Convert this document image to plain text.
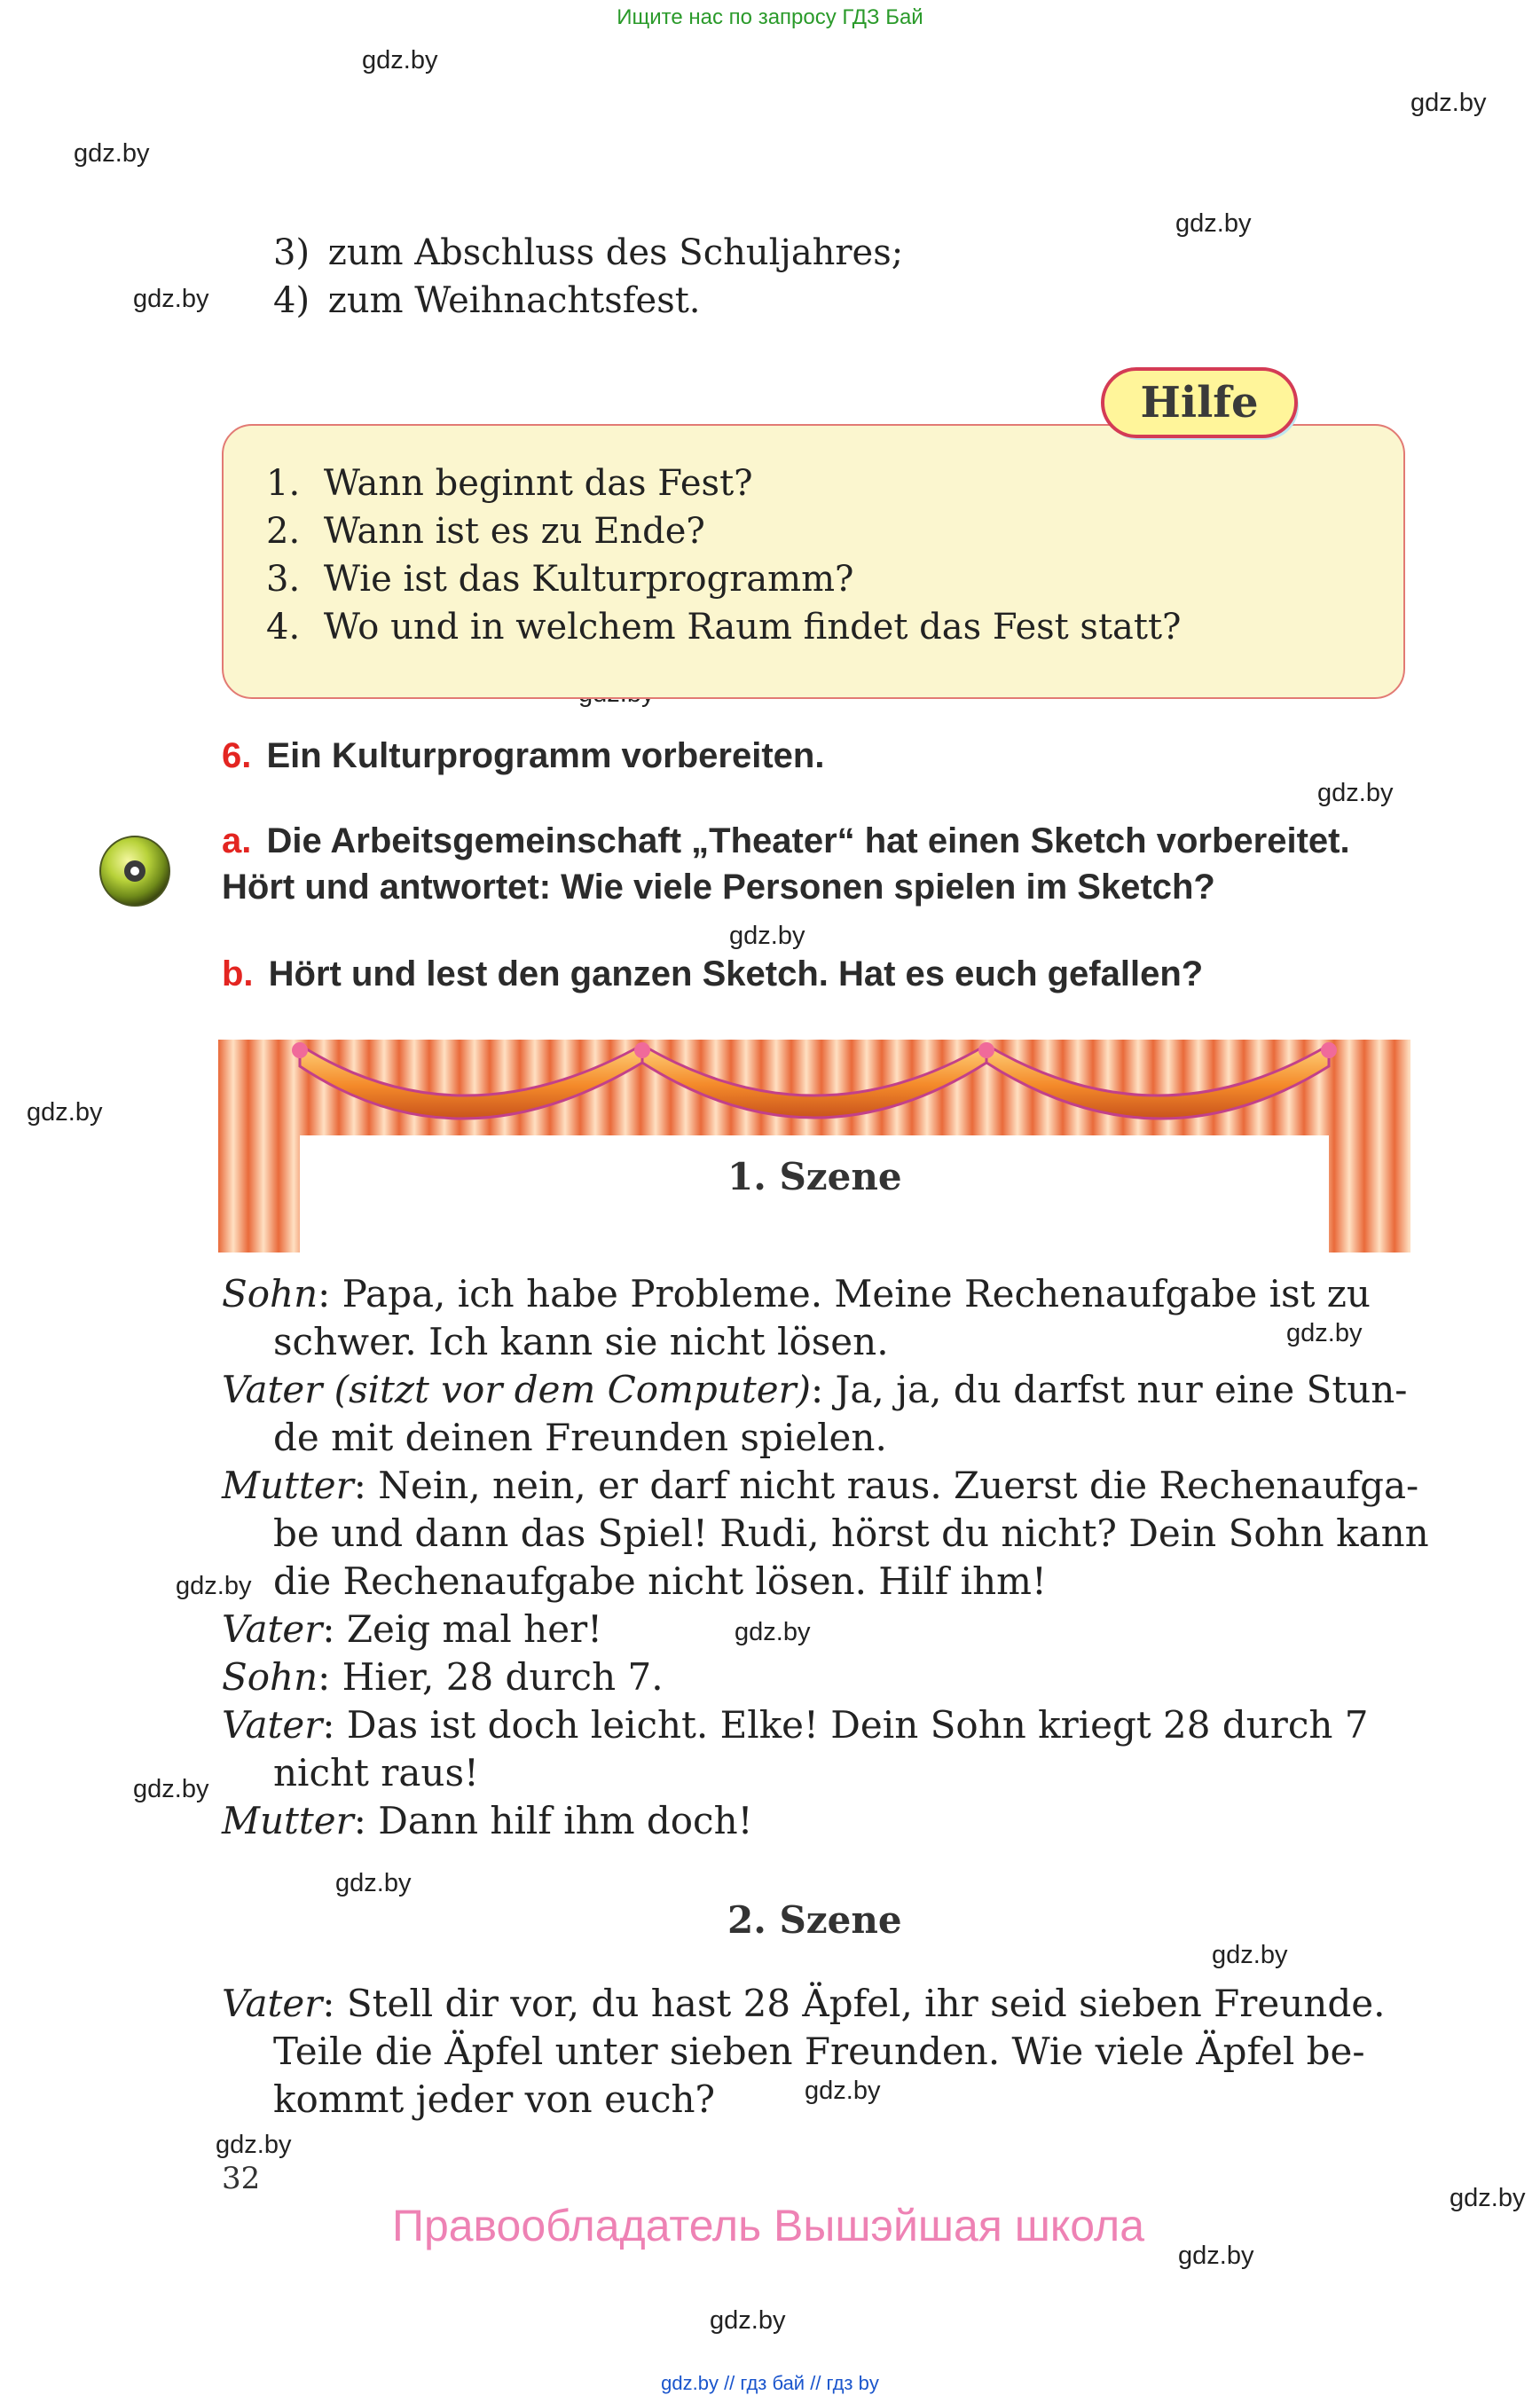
Ищите нас по запросу ГДЗ Бай
gdz.by
gdz.by
gdz.by
gdz.by
gdz.by
gdz.by
gdz.by
gdz.by
gdz.by
gdz.by
gdz.by
gdz.by
gdz.by
gdz.by
gdz.by
gdz.by
gdz.by
gdz.by
gdz.by
3) zum Abschluss des Schuljahres;
4) zum Weihnachtsfest.
Hilfe
1. Wann beginnt das Fest?
2. Wann ist es zu Ende?
3. Wie ist das Kulturprogramm?
4. Wo und in welchem Raum findet das Fest statt?
6. Ein Kulturprogramm vorbereiten.
a. Die Arbeitsgemeinschaft „Theater“ hat einen Sketch vorbereitet.
Hört und antwortet: Wie viele Personen spielen im Sketch?
b. Hört und lest den ganzen Sketch. Hat es euch gefallen?
1. Szene
Sohn: Papa, ich habe Probleme. Meine Rechenaufgabe ist zu
schwer. Ich kann sie nicht lösen.
Vater (sitzt vor dem Computer): Ja, ja, du darfst nur eine Stun-
de mit deinen Freunden spielen.
Mutter: Nein, nein, er darf nicht raus. Zuerst die Rechenaufga-
be und dann das Spiel! Rudi, hörst du nicht? Dein Sohn kann
die Rechenaufgabe nicht lösen. Hilf ihm!
Vater: Zeig mal her!
Sohn: Hier, 28 durch 7.
Vater: Das ist doch leicht. Elke! Dein Sohn kriegt 28 durch 7
nicht raus!
Mutter: Dann hilf ihm doch!
2. Szene
Vater: Stell dir vor, du hast 28 Äpfel, ihr seid sieben Freunde.
Teile die Äpfel unter sieben Freunden. Wie viele Äpfel be-
kommt jeder von euch?
32
Правообладатель Вышэйшая школа
gdz.by // гдз бай // гдз by
